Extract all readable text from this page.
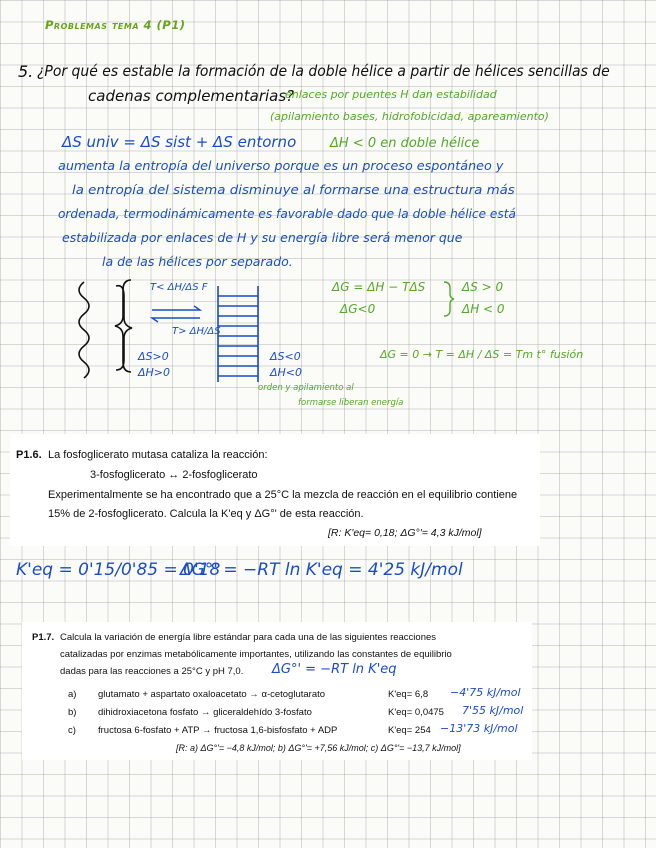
Problemas tema 4 (P1)
5. ¿Por qué es estable la formación de la doble hélice a partir de hélices sencillas de
cadenas complementarias?
enlaces por puentes H dan estabilidad
(apilamiento bases, hidrofobicidad, apareamiento)
ΔS univ = ΔS sist + ΔS entorno	ΔH < 0 en doble hélice
aumenta la entropía del universo porque es un proceso espontáneo y
la entropía del sistema disminuye al formarse una estructura más
ordenada, termodinámicamente es favorable dado que la doble hélice está
estabilizada por enlaces de H y su energía libre será menor que
la de las hélices por separado.
T< ΔH/ΔS F
T> ΔH/ΔS
ΔS>0
ΔH>0
ΔS<0
ΔH<0
orden y apilamiento al
formarse liberan energía
ΔG = ΔH − TΔS
ΔG<0
ΔS > 0
ΔH < 0
ΔG = 0 → T = ΔH / ΔS = Tm t° fusión
P1.6. La fosfoglicerato mutasa cataliza la reacción:
3-fosfoglicerato ↔ 2-fosfoglicerato
Experimentalmente se ha encontrado que a 25°C la mezcla de reacción en el equilibrio contiene
15% de 2-fosfoglicerato. Calcula la K'eq y ΔG°' de esta reacción.
[R: K'eq= 0,18; ΔG°'= 4,3 kJ/mol]
K'eq = 0'15/0'85 = 0'18
ΔG°' = −RT ln K'eq = 4'25 kJ/mol
P1.7. Calcula la variación de energía libre estándar para cada una de las siguientes reacciones
catalizadas por enzimas metabólicamente importantes, utilizando las constantes de equilibrio
dadas para las reacciones a 25°C y pH 7,0. ΔG°' = −RT ln K'eq
a) glutamato + aspartato oxaloacetato → α-cetoglutarato	K'eq= 6,8 −4'75 kJ/mol
b) dihidroxiacetona fosfato → gliceraldehído 3-fosfato	K'eq= 0,0475 7'55 kJ/mol
c) fructosa 6-fosfato + ATP → fructosa 1,6-bisfosfato + ADP	K'eq= 254 −13'73 kJ/mol
[R: a) ΔG°'= −4,8 kJ/mol; b) ΔG°'= +7,56 kJ/mol; c) ΔG°'= −13,7 kJ/mol]
